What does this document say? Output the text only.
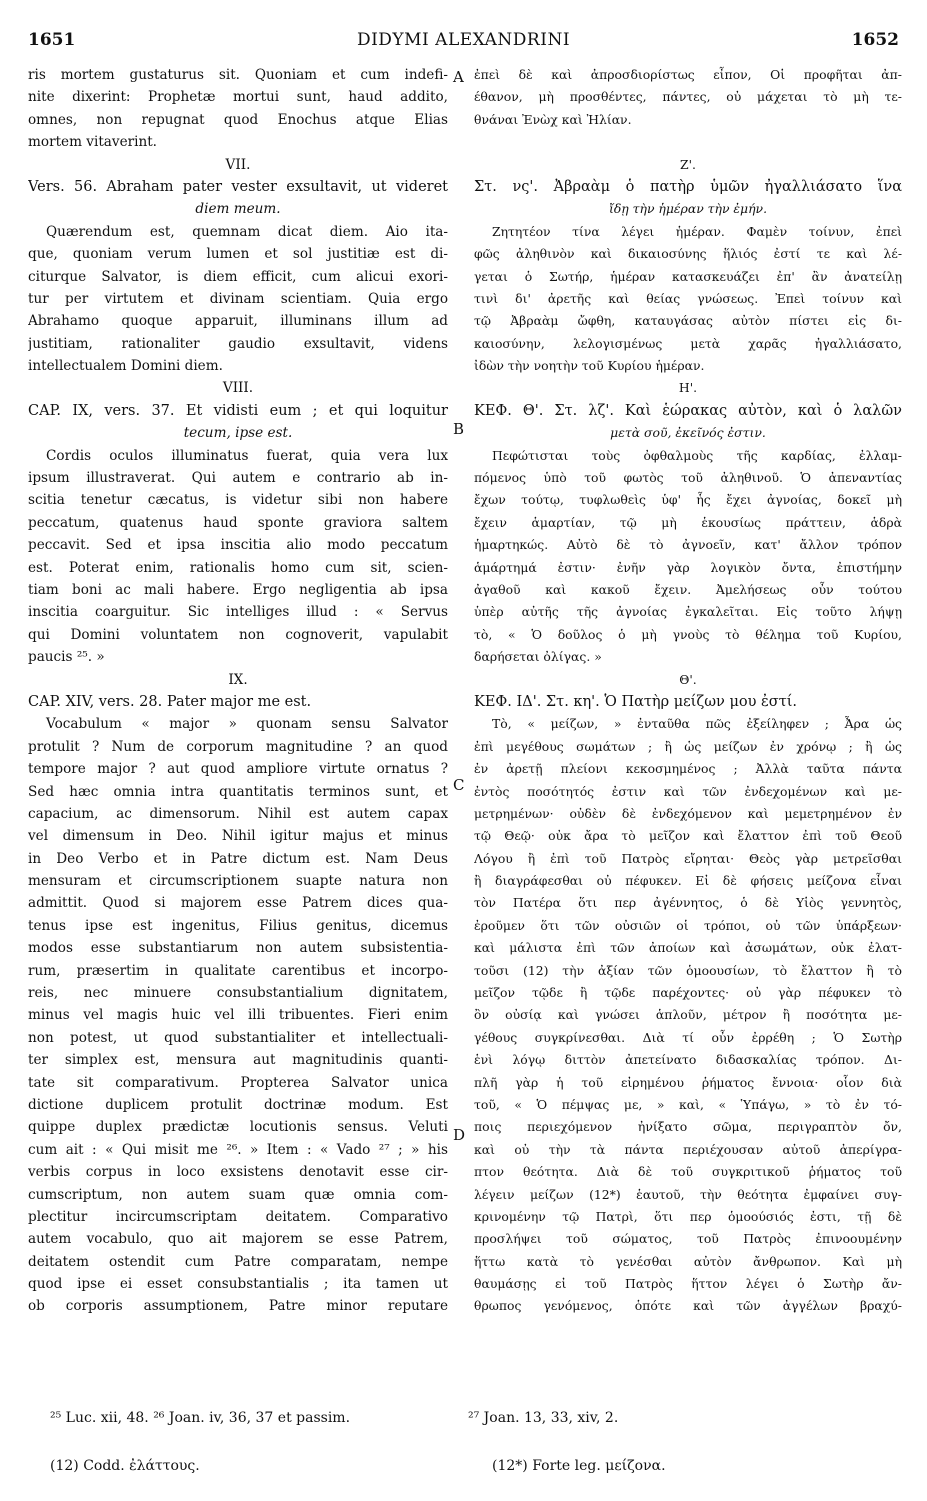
1651	DIDYMI ALEXANDRINI	1652
ris mortem gustaturus sit. Quoniam et cum indefi-
nite dixerint: Prophetæ mortui sunt, haud addito,
omnes, non repugnat quod Enochus atque Elias
mortem vitaverint.
VII.
Vers. 56. Abraham pater vester exsultavit, ut videret
diem meum.
Quærendum est, quemnam dicat diem. Aio ita-
que, quoniam verum lumen et sol justitiæ est di-
citurque Salvator, is diem efficit, cum alicui exori-
tur per virtutem et divinam scientiam. Quia ergo
Abrahamo quoque apparuit, illuminans illum ad
justitiam, rationaliter gaudio exsultavit, videns
intellectualem Domini diem.
VIII.
CAP. IX, vers. 37. Et vidisti eum ; et qui loquitur
tecum, ipse est.
Cordis oculos illuminatus fuerat, quia vera lux
ipsum illustraverat. Qui autem e contrario ab in-
scitia tenetur cæcatus, is videtur sibi non habere
peccatum, quatenus haud sponte graviora saltem
peccavit. Sed et ipsa inscitia alio modo peccatum
est. Poterat enim, rationalis homo cum sit, scien-
tiam boni ac mali habere. Ergo negligentia ab ipsa
inscitia coarguitur. Sic intelliges illud : « Servus
qui Domini voluntatem non cognoverit, vapulabit
paucis ²⁵. »
IX.
CAP. XIV, vers. 28. Pater major me est.
Vocabulum « major » quonam sensu Salvator
protulit ? Num de corporum magnitudine ? an quod
tempore major ? aut quod ampliore virtute ornatus ?
Sed hæc omnia intra quantitatis terminos sunt, et
capacium, ac dimensorum. Nihil est autem capax
vel dimensum in Deo. Nihil igitur majus et minus
in Deo Verbo et in Patre dictum est. Nam Deus
mensuram et circumscriptionem suapte natura non
admittit. Quod si majorem esse Patrem dices qua-
tenus ipse est ingenitus, Filius genitus, dicemus
modos esse substantiarum non autem subsistentia-
rum, præsertim in qualitate carentibus et incorpo-
reis, nec minuere consubstantialium dignitatem,
minus vel magis huic vel illi tribuentes. Fieri enim
non potest, ut quod substantialiter et intellectuali-
ter simplex est, mensura aut magnitudinis quanti-
tate sit comparativum. Propterea Salvator unica
dictione duplicem protulit doctrinæ modum. Est
quippe duplex prædictæ locutionis sensus. Veluti
cum ait : « Qui misit me ²⁶. » Item : « Vado ²⁷ ; » his
verbis corpus in loco exsistens denotavit esse cir-
cumscriptum, non autem suam quæ omnia com-
plectitur incircumscriptam deitatem. Comparativo
autem vocabulo, quo ait majorem se esse Patrem,
deitatem ostendit cum Patre comparatam, nempe
quod ipse ei esset consubstantialis ; ita tamen ut
ob corporis assumptionem, Patre minor reputare
ἐπεὶ δὲ καὶ ἀπροσδιορίστως εἶπον, Οἱ προφῆται ἀπ-
έθανον, μὴ προσθέντες, πάντες, οὐ μάχεται τὸ μὴ τε-
θνάναι Ἐνὼχ καὶ Ἠλίαν.
Ζ'.
Στ. νς'. Ἀβραὰμ ὁ πατὴρ ὑμῶν ἠγαλλιάσατο ἵνα
ἴδῃ τὴν ἡμέραν τὴν ἐμήν.
Ζητητέον τίνα λέγει ἡμέραν. Φαμὲν τοίνυν, ἐπεὶ
φῶς ἀληθινὸν καὶ δικαιοσύνης ἥλιός ἐστί τε καὶ λέ-
γεται ὁ Σωτήρ, ἡμέραν κατασκευάζει ἐπ' ἂν ἀνατείλῃ
τινὶ δι' ἀρετῆς καὶ θείας γνώσεως. Ἐπεὶ τοίνυν καὶ
τῷ Ἀβραὰμ ὤφθη, καταυγάσας αὐτὸν πίστει εἰς δι-
καιοσύνην, λελογισμένως μετὰ χαρᾶς ἠγαλλιάσατο,
ἰδὼν τὴν νοητὴν τοῦ Κυρίου ἡμέραν.
Η'.
ΚΕΦ. Θ'. Στ. λζ'. Καὶ ἑώρακας αὐτὸν, καὶ ὁ λαλῶν
μετὰ σοῦ, ἐκεῖνός ἐστιν.
Πεφώτισται τοὺς ὀφθαλμοὺς τῆς καρδίας, ἐλλαμ-
πόμενος ὑπὸ τοῦ φωτὸς τοῦ ἀληθινοῦ. Ὁ ἀπεναντίας
ἔχων τούτῳ, τυφλωθεὶς ὑφ' ἧς ἔχει ἀγνοίας, δοκεῖ μὴ
ἔχειν ἁμαρτίαν, τῷ μὴ ἑκουσίως πράττειν, ἁδρὰ
ἡμαρτηκώς. Αὐτὸ δὲ τὸ ἀγνοεῖν, κατ' ἄλλον τρόπον
ἁμάρτημά ἐστιν· ἐνῆν γὰρ λογικὸν ὄντα, ἐπιστήμην
ἀγαθοῦ καὶ κακοῦ ἔχειν. Ἀμελήσεως οὖν τούτου
ὑπὲρ αὐτῆς τῆς ἀγνοίας ἐγκαλεῖται. Εἰς τοῦτο λήψῃ
τὸ, « Ὁ δοῦλος ὁ μὴ γνοὺς τὸ θέλημα τοῦ Κυρίου,
δαρήσεται ὀλίγας. »
Θ'.
ΚΕΦ. ΙΔ'. Στ. κη'. Ὁ Πατὴρ μείζων μου ἐστί.
Τὸ, « μείζων, » ἐνταῦθα πῶς ἐξείληφεν ; Ἆρα ὡς
ἐπὶ μεγέθους σωμάτων ; ἢ ὡς μείζων ἐν χρόνῳ ; ἢ ὡς
ἐν ἀρετῇ πλείονι κεκοσμημένος ; Ἀλλὰ ταῦτα πάντα
ἐντὸς ποσότητός ἐστιν καὶ τῶν ἐνδεχομένων καὶ με-
μετρημένων· οὐδὲν δὲ ἐνδεχόμενον καὶ μεμετρημένον ἐν
τῷ Θεῷ· οὐκ ἄρα τὸ μεῖζον καὶ ἔλαττον ἐπὶ τοῦ Θεοῦ
Λόγου ἢ ἐπὶ τοῦ Πατρὸς εἴρηται· Θεὸς γὰρ μετρεῖσθαι
ἢ διαγράφεσθαι οὐ πέφυκεν. Εἰ δὲ φήσεις μείζονα εἶναι
τὸν Πατέρα ὅτι περ ἀγέννητος, ὁ δὲ Υἱὸς γεννητὸς,
ἐροῦμεν ὅτι τῶν οὐσιῶν οἱ τρόποι, οὐ τῶν ὑπάρξεων·
καὶ μάλιστα ἐπὶ τῶν ἀποίων καὶ ἀσωμάτων, οὐκ ἐλατ-
τοῦσι (12) τὴν ἀξίαν τῶν ὁμοουσίων, τὸ ἔλαττον ἢ τὸ
μεῖζον τῷδε ἢ τῷδε παρέχοντες· οὐ γὰρ πέφυκεν τὸ
ὂν οὐσίᾳ καὶ γνώσει ἁπλοῦν, μέτρον ἢ ποσότητα με-
γέθους συγκρίνεσθαι. Διὰ τί οὖν ἐρρέθη ; Ὁ Σωτὴρ
ἑνὶ λόγῳ διττὸν ἀπετείνατο διδασκαλίας τρόπον. Δι-
πλῆ γὰρ ἡ τοῦ εἰρημένου ῥήματος ἔννοια· οἷον διὰ
τοῦ, « Ὁ πέμψας με, » καὶ, « Ὑπάγω, » τὸ ἐν τό-
ποις περιεχόμενον ἠνίξατο σῶμα, περιγραπτὸν ὄν,
καὶ οὐ τὴν τὰ πάντα περιέχουσαν αὐτοῦ ἀπερίγρα-
πτον θεότητα. Διὰ δὲ τοῦ συγκριτικοῦ ῥήματος τοῦ
λέγειν μείζων (12*) ἑαυτοῦ, τὴν θεότητα ἐμφαίνει συγ-
κρινομένην τῷ Πατρὶ, ὅτι περ ὁμοούσιός ἐστι, τῇ δὲ
προσλήψει τοῦ σώματος, τοῦ Πατρὸς ἐπινοουμένην
ἥττω κατὰ τὸ γενέσθαι αὐτὸν ἄνθρωπον. Καὶ μὴ
θαυμάσῃς εἰ τοῦ Πατρὸς ἥττον λέγει ὁ Σωτὴρ ἄν-
θρωπος γενόμενος, ὁπότε καὶ τῶν ἀγγέλων βραχύ-
A
B
C
D
²⁵ Luc. xii, 48. ²⁶ Joan. iv, 36, 37 et passim.	²⁷ Joan. 13, 33, xiv, 2.
(12) Codd. ἐλάττους.	(12*) Forte leg. μείζονα.
